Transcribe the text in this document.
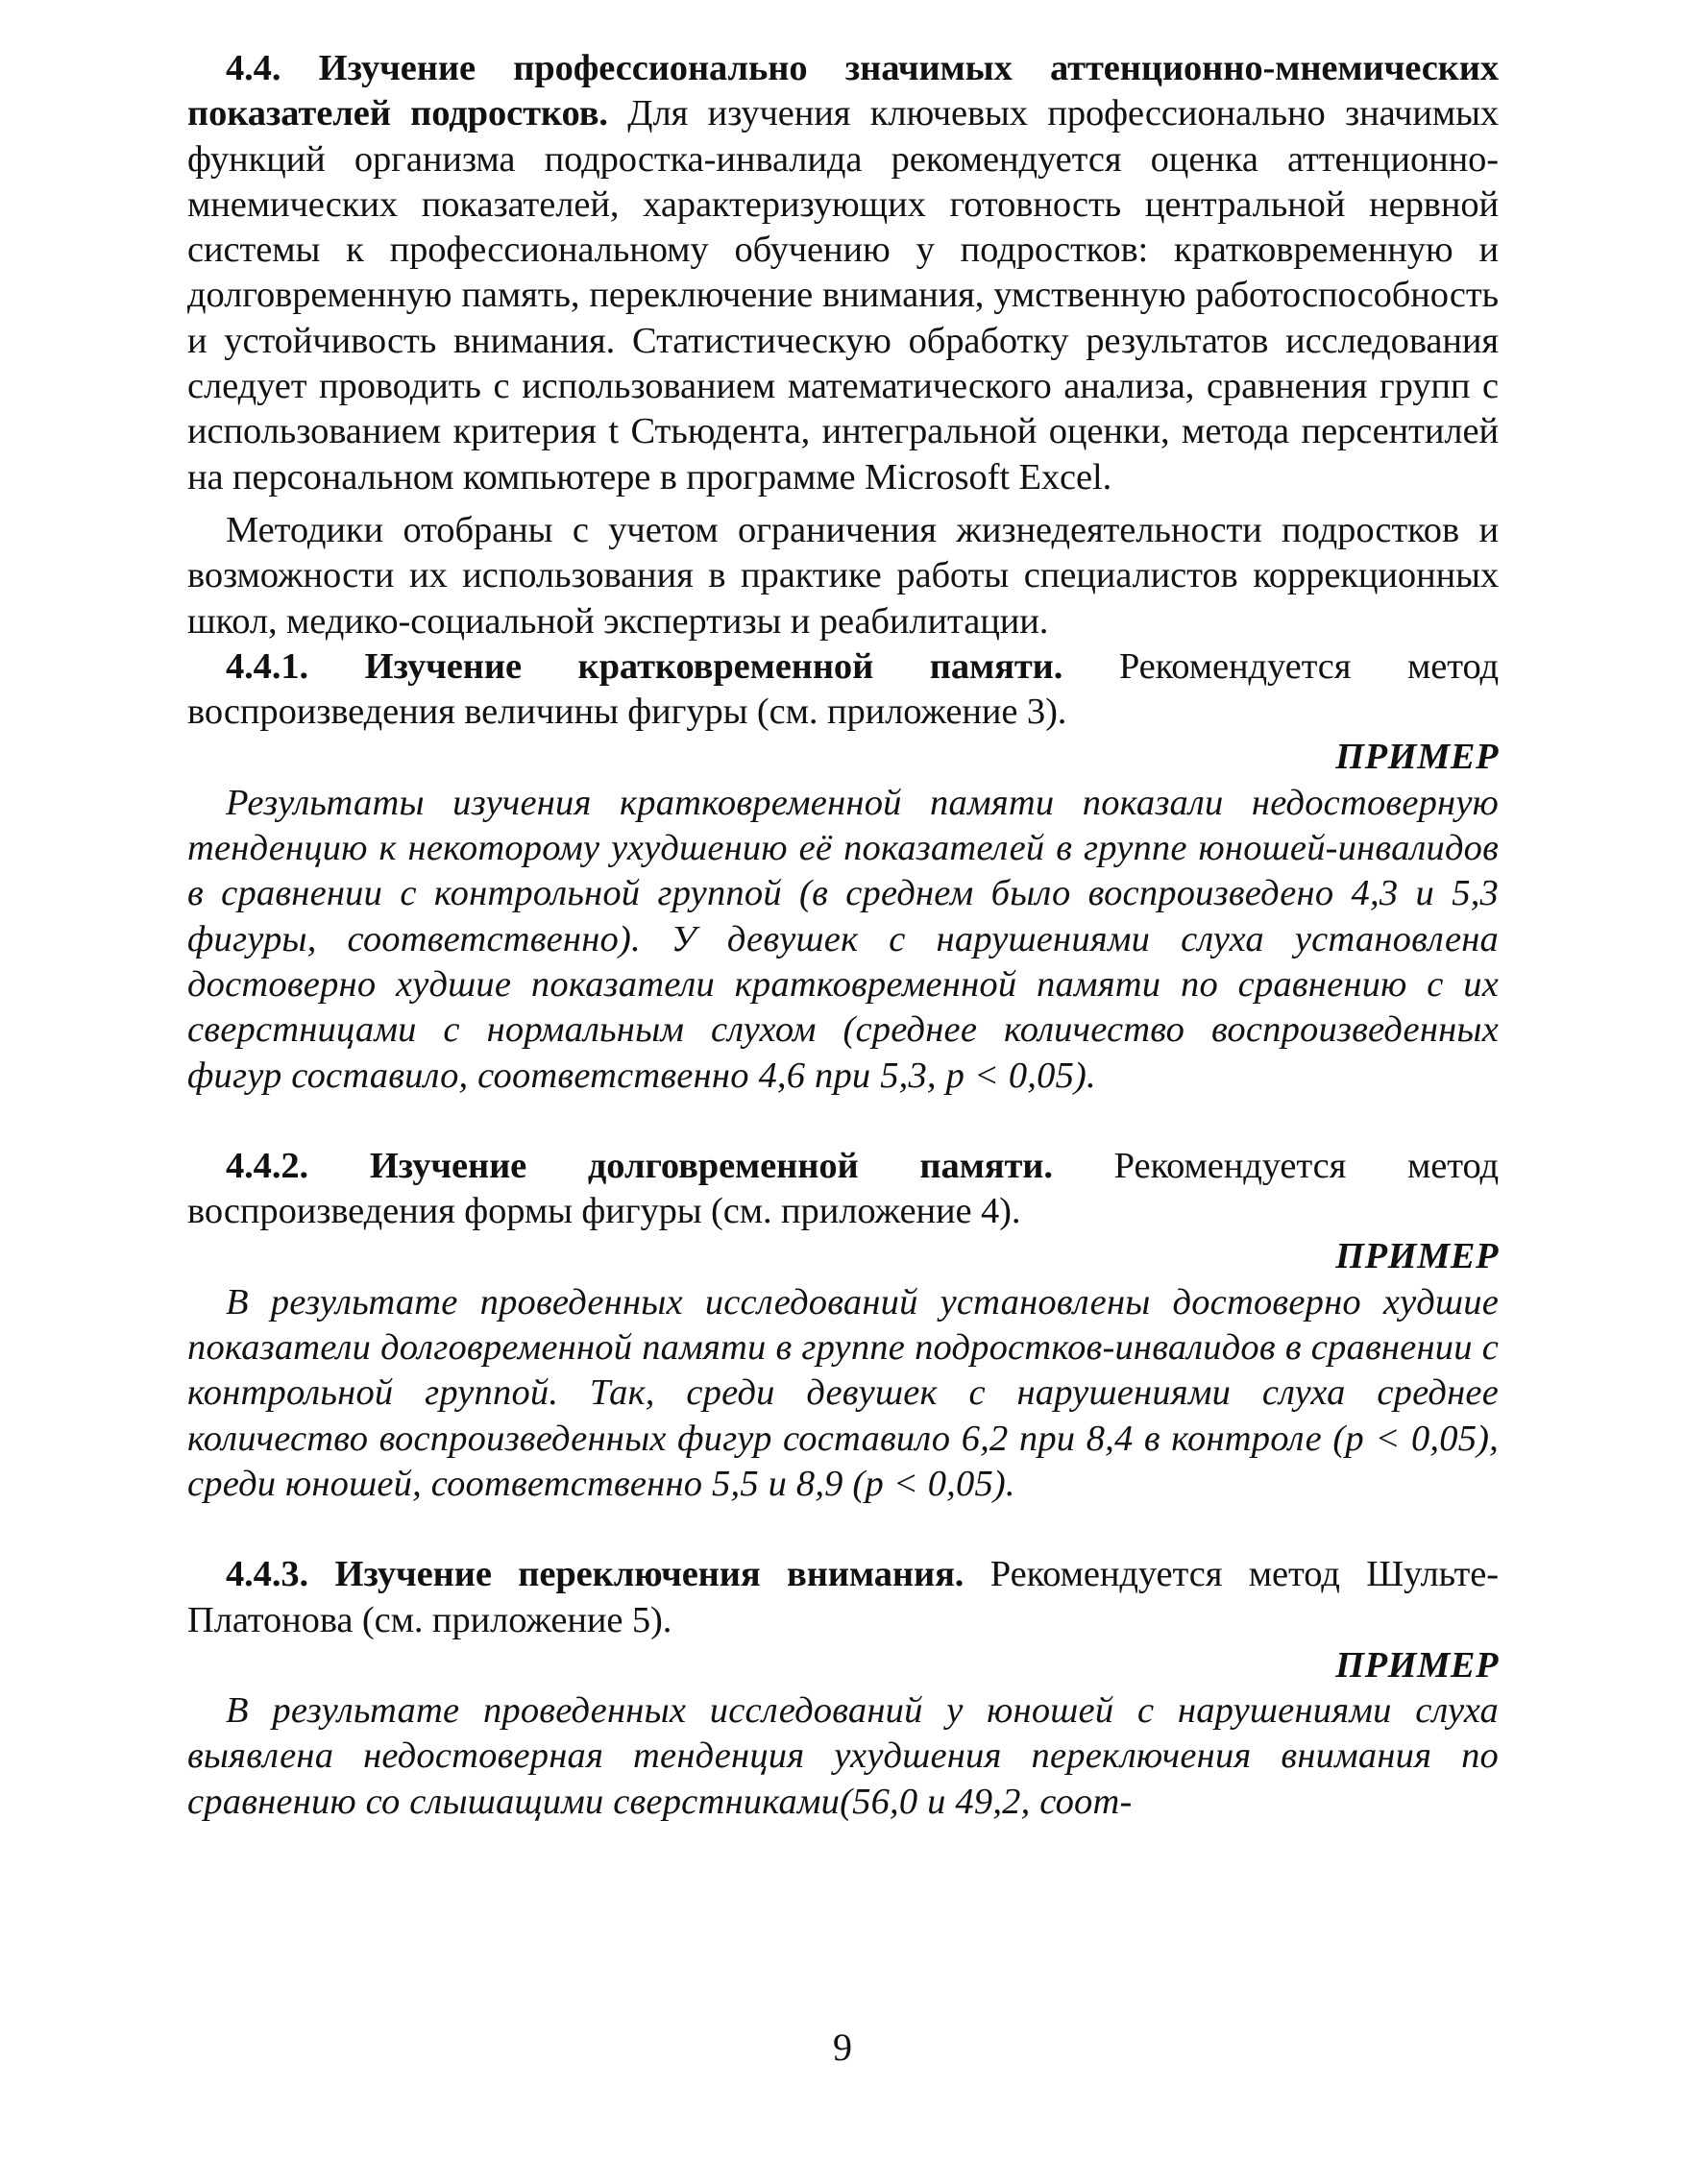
4.4. Изучение профессионально значимых аттенционно-мнемических показателей подростков. Для изучения ключевых профессионально значимых функций организма подростка-инвалида рекомендуется оценка аттенционно-мнемических показателей, характеризующих готовность центральной нервной системы к профессиональному обучению у подростков: кратковременную и долговременную память, переключение внимания, умственную работоспособность и устойчивость внимания. Статистическую обработку результатов исследования следует проводить с использованием математического анализа, сравнения групп с использованием критерия t Стьюдента, интегральной оценки, метода персентилей на персональном компьютере в программе Microsoft Excel.

Методики отобраны с учетом ограничения жизнедеятельности подростков и возможности их использования в практике работы специалистов коррекционных школ, медико-социальной экспертизы и реабилитации.

4.4.1. Изучение кратковременной памяти. Рекомендуется метод воспроизведения величины фигуры (см. приложение 3).

ПРИМЕР

Результаты изучения кратковременной памяти показали недостоверную тенденцию к некоторому ухудшению её показателей в группе юношей-инвалидов в сравнении с контрольной группой (в среднем было воспроизведено 4,3 и 5,3 фигуры, соответственно). У девушек с нарушениями слуха установлена достоверно худшие показатели кратковременной памяти по сравнению с их сверстницами с нормальным слухом (среднее количество воспроизведенных фигур составило, соответственно 4,6 при 5,3, р < 0,05).

4.4.2. Изучение долговременной памяти. Рекомендуется метод воспроизведения формы фигуры (см. приложение 4).

ПРИМЕР

В результате проведенных исследований установлены достоверно худшие показатели долговременной памяти в группе подростков-инвалидов в сравнении с контрольной группой. Так, среди девушек с нарушениями слуха среднее количество воспроизведенных фигур составило 6,2 при 8,4 в контроле (р < 0,05), среди юношей, соответственно 5,5 и 8,9 (р < 0,05).

4.4.3. Изучение переключения внимания. Рекомендуется метод Шульте-Платонова (см. приложение 5).

ПРИМЕР

В результате проведенных исследований у юношей с нарушениями слуха выявлена недостоверная тенденция ухудшения переключения внимания по сравнению со слышащими сверстниками(56,0 и 49,2, соот-

9
